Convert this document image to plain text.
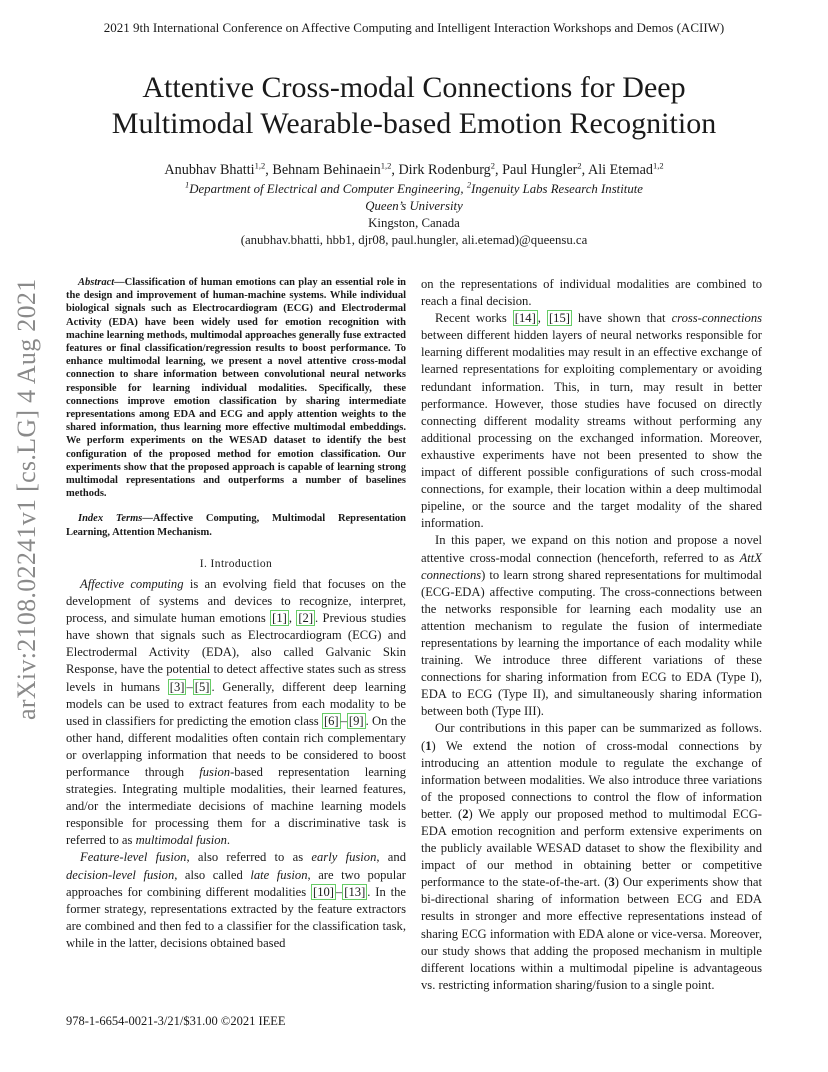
2021 9th International Conference on Affective Computing and Intelligent Interaction Workshops and Demos (ACIIW)
Attentive Cross-modal Connections for Deep
Multimodal Wearable-based Emotion Recognition
Anubhav Bhatti$^{1,2}$, Behnam Behinaein$^{1,2}$, Dirk Rodenburg$^2$, Paul Hungler$^2$, Ali Etemad$^{1,2}$
$^1$Department of Electrical and Computer Engineering, $^2$Ingenuity Labs Research Institute
Queen’s University
Kingston, Canada
(anubhav.bhatti, hbb1, djr08, paul.hungler, ali.etemad)@queensu.ca
arXiv:2108.02241v1 [cs.LG] 4 Aug 2021	Abstract—Classification of human emotions can play an essential role in the design and improvement of human-machine systems. While individual biological signals such as Electrocardiogram (ECG) and Electrodermal Activity (EDA) have been widely used for emotion recognition with machine learning methods, multimodal approaches generally fuse extracted features or final classification/regression results to boost performance. To enhance multimodal learning, we present a novel attentive cross-modal connection to share information between convolutional neural networks responsible for learning individual modalities. Specifically, these connections improve emotion classification by sharing intermediate representations among EDA and ECG and apply attention weights to the shared information, thus learning more effective multimodal embeddings. We perform experiments on the WESAD dataset to identify the best configuration of the proposed method for emotion classification. Our experiments show that the proposed approach is capable of learning strong multimodal representations and outperforms a number of baselines methods.

Index Terms—Affective Computing, Multimodal Representation Learning, Attention Mechanism.

I. Introduction

Affective computing is an evolving field that focuses on the development of systems and devices to recognize, interpret, process, and simulate human emotions [1] , [2] . Previous studies have shown that signals such as Electrocardiogram (ECG) and Electrodermal Activity (EDA), also called Galvanic Skin Response, have the potential to detect affective states such as stress levels in humans [3] – [5] . Generally, different deep learning models can be used to extract features from each modality to be used in classifiers for predicting the emotion class [6] – [9] . On the other hand, different modalities often contain rich complementary or overlapping information that needs to be considered to boost performance through fusion-based representation learning strategies. Integrating multiple modalities, their learned features, and/or the intermediate decisions of machine learning models responsible for processing them for a discriminative task is referred to as multimodal fusion.

Feature-level fusion, also referred to as early fusion, and decision-level fusion, also called late fusion, are two popular approaches for combining different modalities [10] – [13] . In the former strategy, representations extracted by the feature extractors are combined and then fed to a classifier for the classification task, while in the latter, decisions obtained based

on the representations of individual modalities are combined to reach a final decision.

Recent works [14] , [15] have shown that cross-connections between different hidden layers of neural networks responsible for learning different modalities may result in an effective exchange of learned representations for exploiting complementary or avoiding redundant information. This, in turn, may result in better performance. However, those studies have focused on directly connecting different modality streams without performing any additional processing on the exchanged information. Moreover, exhaustive experiments have not been presented to show the impact of different possible configurations of such cross-modal connections, for example, their location within a deep multimodal pipeline, or the source and the target modality of the shared information.

In this paper, we expand on this notion and propose a novel attentive cross-modal connection (henceforth, referred to as AttX connections) to learn strong shared representations for multimodal (ECG-EDA) affective computing. The cross-connections between the networks responsible for learning each modality use an attention mechanism to regulate the fusion of intermediate representations by learning the importance of each modality while training. We introduce three different variations of these connections for sharing information from ECG to EDA (Type I), EDA to ECG (Type II), and simultaneously sharing information between both (Type III).

Our contributions in this paper can be summarized as follows. (1) We extend the notion of cross-modal connections by introducing an attention module to regulate the exchange of information between modalities. We also introduce three variations of the proposed connections to control the flow of information better. (2) We apply our proposed method to multimodal ECG-EDA emotion recognition and perform extensive experiments on the publicly available WESAD dataset to show the flexibility and impact of our method in obtaining better or competitive performance to the state-of-the-art. (3) Our experiments show that bi-directional sharing of information between ECG and EDA results in stronger and more effective representations instead of sharing ECG information with EDA alone or vice-versa. Moreover, our study shows that adding the proposed mechanism in multiple different locations within a multimodal pipeline is advantageous vs. restricting information sharing/fusion to a single point.

978-1-6654-0021-3/21/$31.00 ©2021 IEEE
